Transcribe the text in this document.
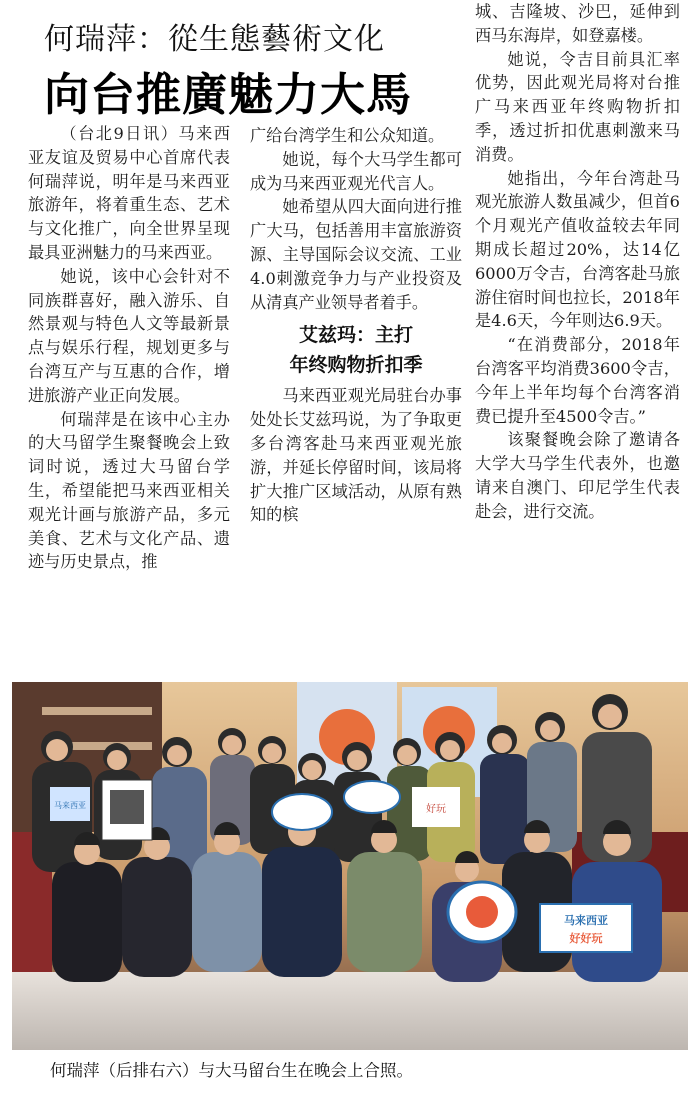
何瑞萍：從生態藝術文化
向台推廣魅力大馬

（台北9日讯）马来西亚友谊及贸易中心首席代表何瑞萍说，明年是马来西亚旅游年，将着重生态、艺术与文化推广，向全世界呈现最具亚洲魅力的马来西亚。

她说，该中心会针对不同族群喜好，融入游乐、自然景观与特色人文等最新景点与娱乐行程，规划更多与台湾互产与互惠的合作，增进旅游产业正向发展。

何瑞萍是在该中心主办的大马留学生聚餐晚会上致词时说，透过大马留台学生，希望能把马来西亚相关观光计画与旅游产品，多元美食、艺术与文化产品、遗迹与历史景点，推

广给台湾学生和公众知道。

她说，每个大马学生都可成为马来西亚观光代言人。

她希望从四大面向进行推广大马，包括善用丰富旅游资源、主导国际会议交流、工业4.0刺激竞争力与产业投资及从清真产业领导者着手。

艾兹玛：主打
年终购物折扣季

马来西亚观光局驻台办事处处长艾兹玛说，为了争取更多台湾客赴马来西亚观光旅游，并延长停留时间，该局将扩大推广区域活动，从原有熟知的槟

城、吉隆坡、沙巴，延伸到西马东海岸，如登嘉楼。

她说，令吉目前具汇率优势，因此观光局将对台推广马来西亚年终购物折扣季，透过折扣优惠刺激来马消费。

她指出，今年台湾赴马观光旅游人数虽减少，但首6个月观光产值收益较去年同期成长超过20%，达14亿6000万令吉，台湾客赴马旅游住宿时间也拉长，2018年是4.6天，今年则达6.9天。

“在消费部分，2018年台湾客平均消费3600令吉，今年上半年均每个台湾客消费已提升至4500令吉。”

该聚餐晚会除了邀请各大学大马学生代表外，也邀请来自澳门、印尼学生代表赴会，进行交流。

好玩
马来西亚
好好玩
马来西亚
何瑞萍（后排右六）与大马留台生在晚会上合照。
